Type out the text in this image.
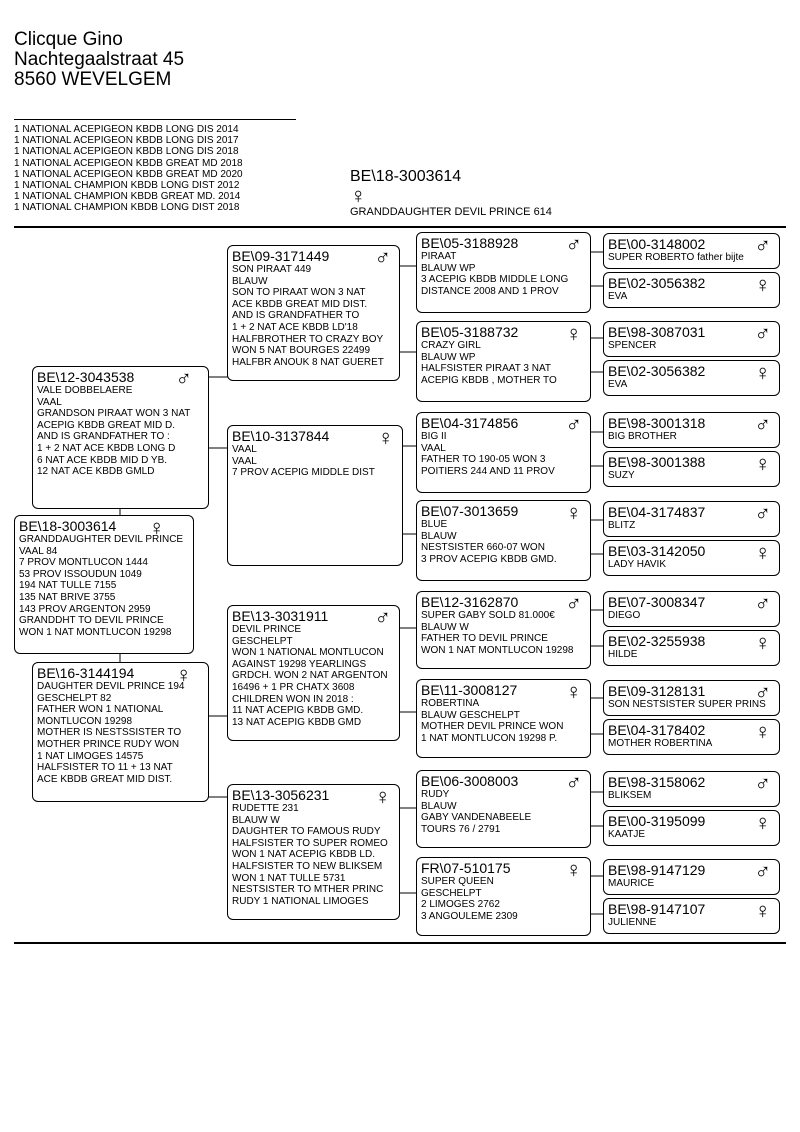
Clicque Gino
Nachtegaalstraat 45
8560 WEVELGEM
1 NATIONAL ACEPIGEON KBDB LONG DIS 2014
1 NATIONAL ACEPIGEON KBDB LONG DIS 2017
1 NATIONAL ACEPIGEON KBDB LONG DIS 2018
1 NATIONAL ACEPIGEON KBDB GREAT MD 2018
1 NATIONAL ACEPIGEON KBDB GREAT MD 2020
1 NATIONAL CHAMPION KBDB LONG DIST 2012
1 NATIONAL CHAMPION KBDB GREAT MD. 2014
1 NATIONAL CHAMPION KBDB LONG DIST 2018
BE\18-3003614
♀
GRANDDAUGHTER DEVIL PRINCE 614
BE\18-3003614	♀
GRANDDAUGHTER DEVIL PRINCE
VAAL 84
7 PROV MONTLUCON 1444
53 PROV ISSOUDUN 1049
194 NAT TULLE 7155
135 NAT BRIVE 3755
143 PROV ARGENTON 2959
GRANDDHT TO DEVIL PRINCE
WON 1 NAT MONTLUCON 19298
BE\12-3043538	♂
VALE DOBBELAERE
VAAL
GRANDSON PIRAAT WON 3 NAT
ACEPIG KBDB GREAT MID D.
AND IS GRANDFATHER TO :
1 + 2 NAT ACE KBDB LONG D
6 NAT ACE KBDB MID D YB.
12 NAT ACE KBDB GMLD
BE\16-3144194	♀
DAUGHTER DEVIL PRINCE 194
GESCHELPT 82
FATHER WON 1 NATIONAL
MONTLUCON 19298
MOTHER IS NESTSSISTER TO
MOTHER PRINCE RUDY WON
1 NAT LIMOGES 14575
HALFSISTER TO 11 + 13 NAT
ACE KBDB GREAT MID DIST.
BE\09-3171449	♂
SON PIRAAT 449
BLAUW
SON TO PIRAAT WON 3 NAT
ACE KBDB GREAT MID DIST.
AND IS GRANDFATHER TO
1 + 2 NAT ACE KBDB LD'18
HALFBROTHER TO CRAZY BOY
WON 5 NAT BOURGES 22499
HALFBR ANOUK 8 NAT GUERET
BE\10-3137844	♀
VAAL
VAAL
7 PROV ACEPIG MIDDLE DIST
BE\13-3031911	♂
DEVIL PRINCE
GESCHELPT
WON 1 NATIONAL MONTLUCON
AGAINST 19298 YEARLINGS
GRDCH. WON 2 NAT ARGENTON
16496 + 1 PR CHATX 3608
CHILDREN WON IN 2018 :
11 NAT ACEPIG KBDB GMD.
13 NAT ACEPIG KBDB GMD
BE\13-3056231	♀
RUDETTE 231
BLAUW W
DAUGHTER TO FAMOUS RUDY
HALFSISTER TO SUPER ROMEO
WON 1 NAT ACEPIG KBDB LD.
HALFSISTER TO NEW BLIKSEM
WON 1 NAT TULLE 5731
NESTSISTER TO MTHER PRINC
RUDY 1 NATIONAL LIMOGES
BE\05-3188928	♂
PIRAAT
BLAUW WP
3 ACEPIG KBDB MIDDLE LONG
DISTANCE 2008 AND 1 PROV
BE\05-3188732	♀
CRAZY GIRL
BLAUW WP
HALFSISTER PIRAAT 3 NAT
ACEPIG KBDB , MOTHER TO
BE\04-3174856	♂
BIG II
VAAL
FATHER TO 190-05 WON 3
POITIERS 244 AND 11 PROV
BE\07-3013659	♀
BLUE
BLAUW
NESTSISTER 660-07 WON
3 PROV ACEPIG KBDB GMD.
BE\12-3162870	♂
SUPER GABY SOLD 81.000€
BLAUW W
FATHER TO DEVIL PRINCE
WON 1 NAT MONTLUCON 19298
BE\11-3008127	♀
ROBERTINA
BLAUW GESCHELPT
MOTHER DEVIL PRINCE WON
1 NAT MONTLUCON 19298 P.
BE\06-3008003	♂
RUDY
BLAUW
GABY VANDENABEELE
TOURS 76 / 2791
FR\07-510175	♀
SUPER QUEEN
GESCHELPT
2 LIMOGES 2762
3 ANGOULEME 2309
BE\00-3148002	♂
SUPER ROBERTO father bijte
BE\02-3056382	♀
EVA
BE\98-3087031	♂
SPENCER
BE\02-3056382	♀
EVA
BE\98-3001318	♂
BIG BROTHER
BE\98-3001388	♀
SUZY
BE\04-3174837	♂
BLITZ
BE\03-3142050	♀
LADY HAVIK
BE\07-3008347	♂
DIEGO
BE\02-3255938	♀
HILDE
BE\09-3128131	♂
SON NESTSISTER SUPER PRINS
BE\04-3178402	♀
MOTHER ROBERTINA
BE\98-3158062	♂
BLIKSEM
BE\00-3195099	♀
KAATJE
BE\98-9147129	♂
MAURICE
BE\98-9147107	♀
JULIENNE
